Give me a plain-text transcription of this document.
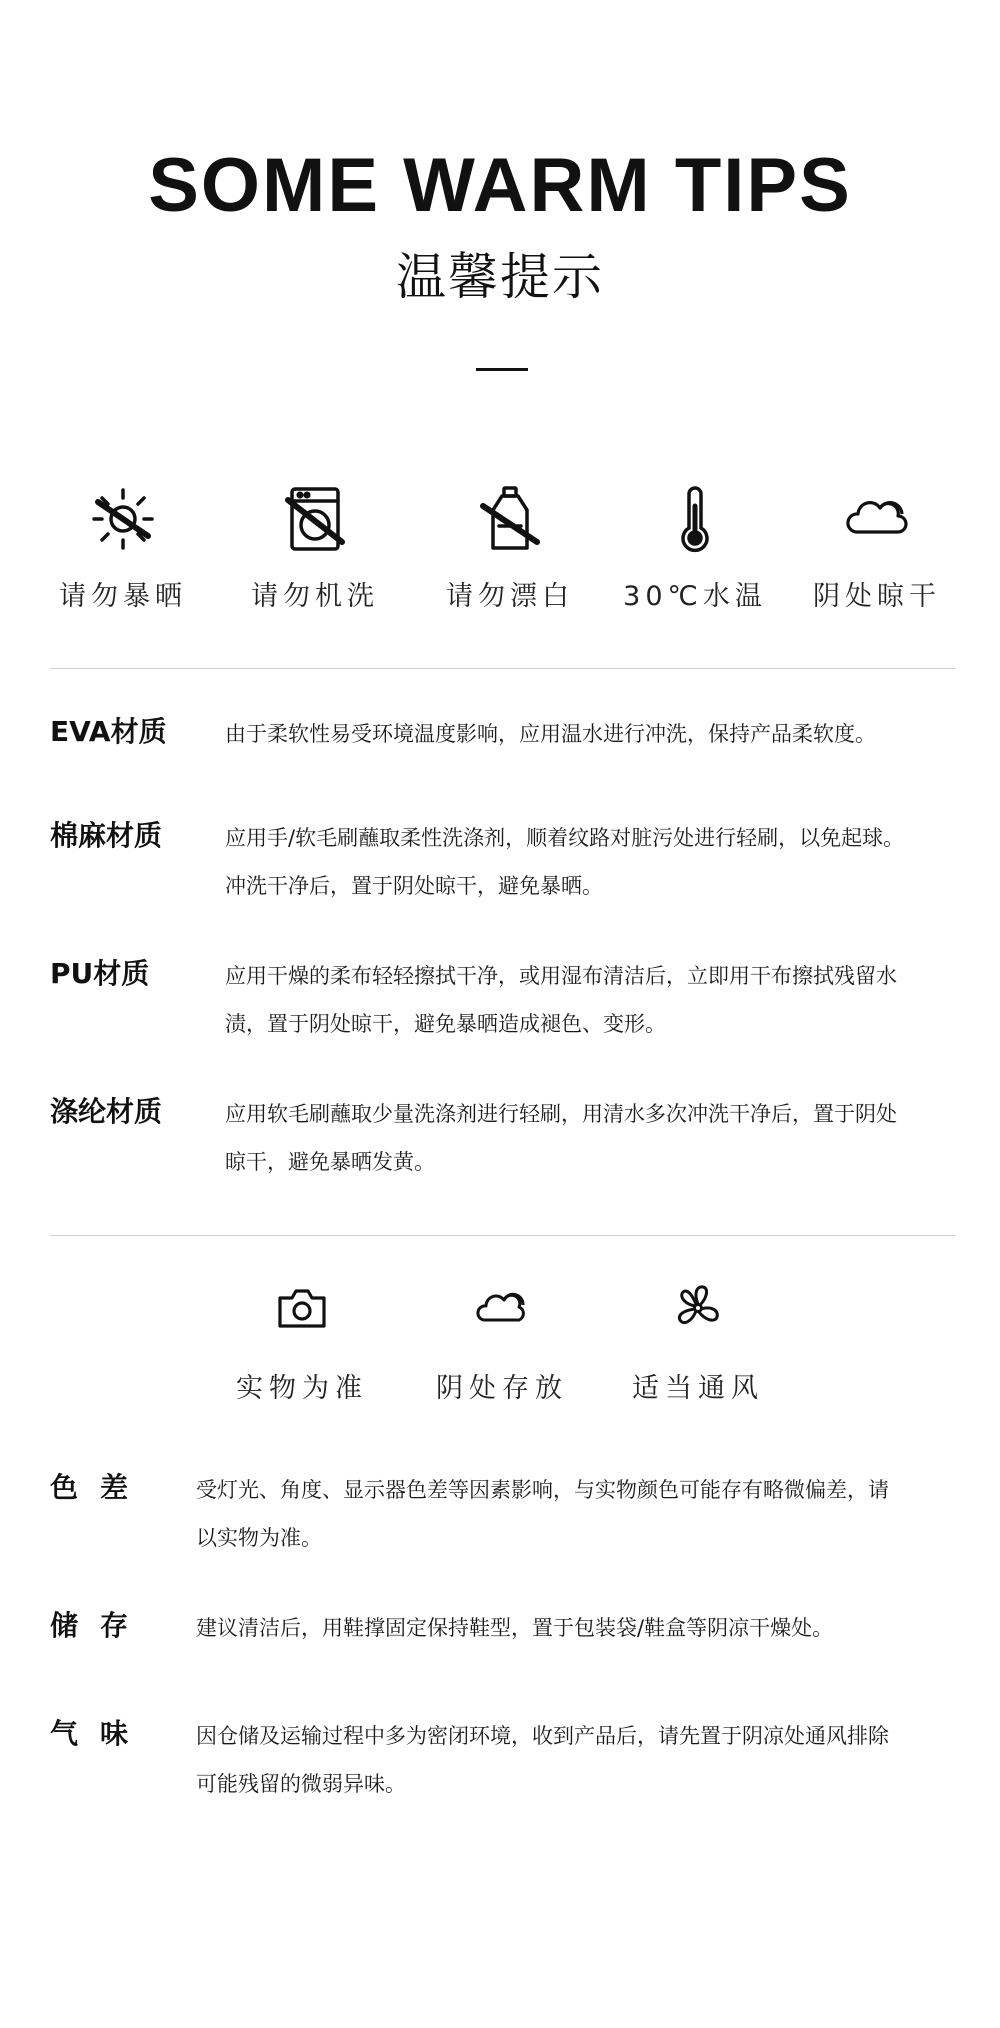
SOME WARM TIPS
温馨提示
请勿暴晒	请勿机洗	请勿漂白	30℃水温	阴处晾干
EVA材质	由于柔软性易受环境温度影响，应用温水进行冲洗，保持产品柔软度。
棉麻材质	应用手/软毛刷蘸取柔性洗涤剂，顺着纹路对脏污处进行轻刷，以免起球。
冲洗干净后，置于阴处晾干，避免暴晒。
PU材质	应用干燥的柔布轻轻擦拭干净，或用湿布清洁后，立即用干布擦拭残留水
渍，置于阴处晾干，避免暴晒造成褪色、变形。
涤纶材质	应用软毛刷蘸取少量洗涤剂进行轻刷，用清水多次冲洗干净后，置于阴处
晾干，避免暴晒发黄。
实物为准	阴处存放	适当通风
色差 受灯光、角度、显示器色差等因素影响，与实物颜色可能存有略微偏差，请
以实物为准。
储存 建议清洁后，用鞋撑固定保持鞋型，置于包装袋/鞋盒等阴凉干燥处。
气味 因仓储及运输过程中多为密闭环境，收到产品后，请先置于阴凉处通风排除
可能残留的微弱异味。
